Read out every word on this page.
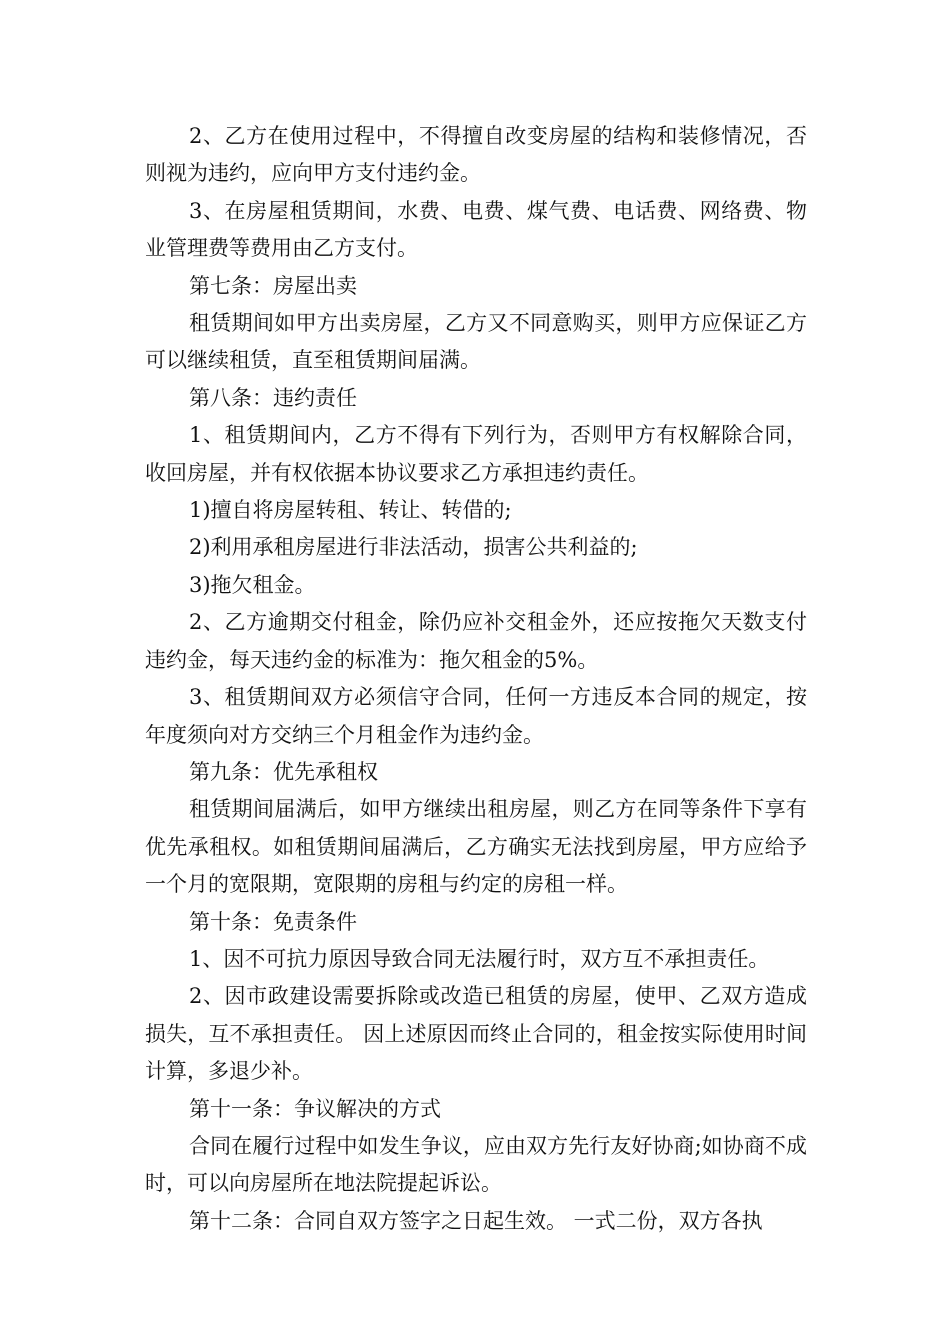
2、乙方在使用过程中，不得擅自改变房屋的结构和装修情况，否则视为违约，应向甲方支付违约金。

3、在房屋租赁期间，水费、电费、煤气费、电话费、网络费、物业管理费等费用由乙方支付。

第七条：房屋出卖

租赁期间如甲方出卖房屋，乙方又不同意购买，则甲方应保证乙方可以继续租赁，直至租赁期间届满。

第八条：违约责任

1、租赁期间内，乙方不得有下列行为，否则甲方有权解除合同，收回房屋，并有权依据本协议要求乙方承担违约责任。

1)擅自将房屋转租、转让、转借的;

2)利用承租房屋进行非法活动，损害公共利益的;

3)拖欠租金。

2、乙方逾期交付租金，除仍应补交租金外，还应按拖欠天数支付违约金，每天违约金的标准为：拖欠租金的5%。

3、租赁期间双方必须信守合同，任何一方违反本合同的规定，按年度须向对方交纳三个月租金作为违约金。

第九条：优先承租权

租赁期间届满后，如甲方继续出租房屋，则乙方在同等条件下享有优先承租权。如租赁期间届满后，乙方确实无法找到房屋，甲方应给予一个月的宽限期，宽限期的房租与约定的房租一样。

第十条：免责条件

1、因不可抗力原因导致合同无法履行时，双方互不承担责任。

2、因市政建设需要拆除或改造已租赁的房屋，使甲、乙双方造成损失，互不承担责任。 因上述原因而终止合同的，租金按实际使用时间计算，多退少补。

第十一条：争议解决的方式

合同在履行过程中如发生争议，应由双方先行友好协商;如协商不成时，可以向房屋所在地法院提起诉讼。

第十二条：合同自双方签字之日起生效。 一式二份，双方各执
